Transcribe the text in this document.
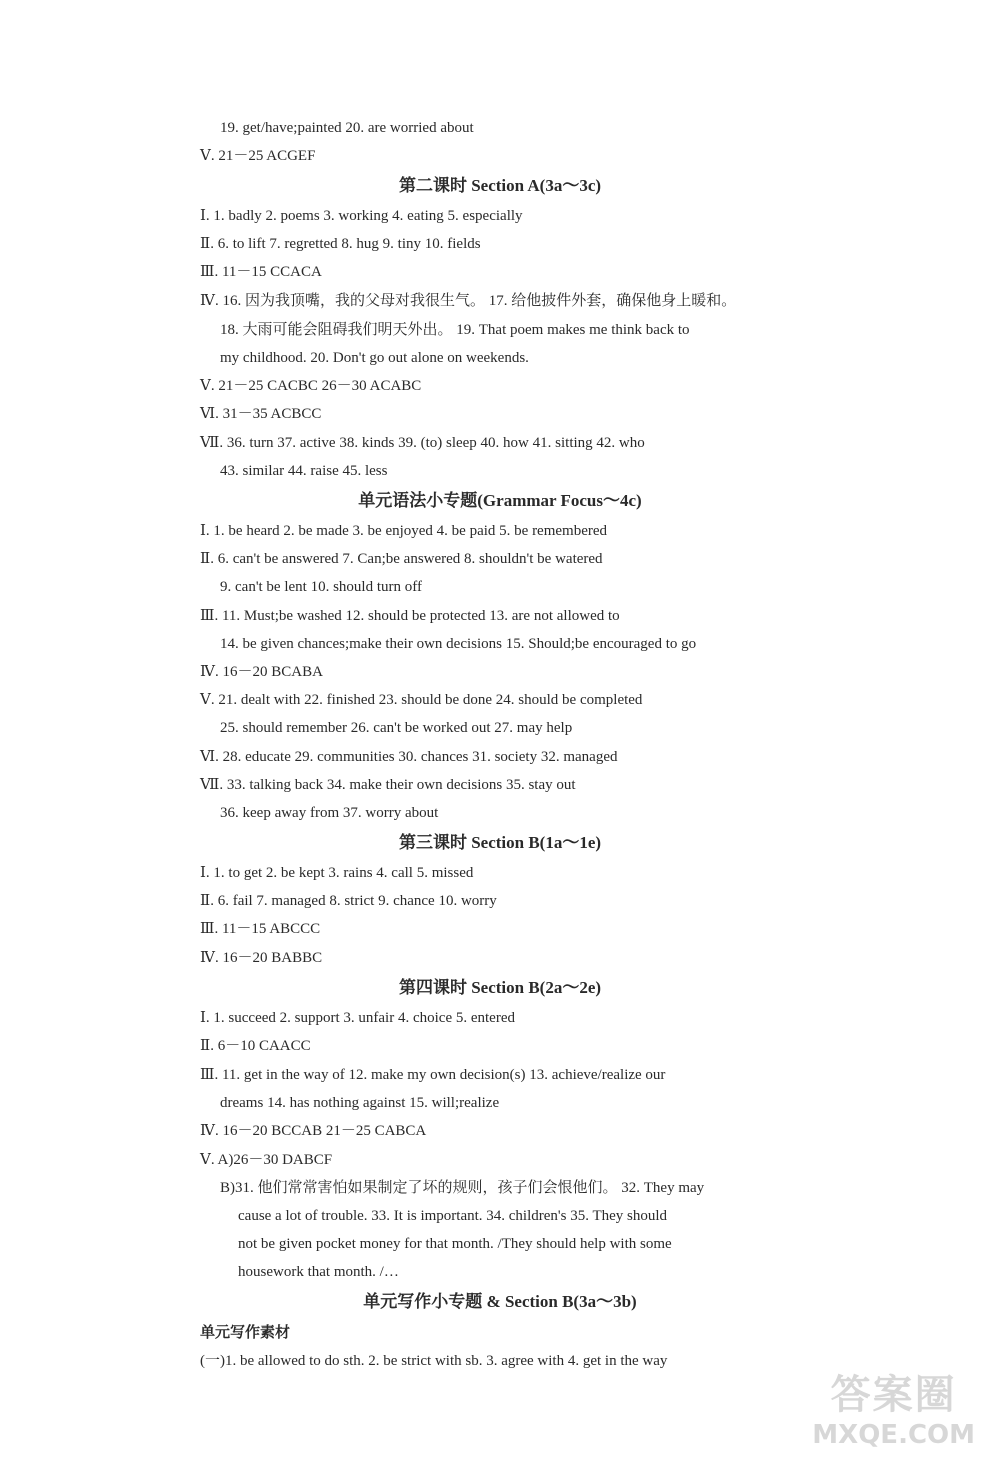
19. get/have;painted 20. are worried about
Ⅴ. 21－25 ACGEF
第二课时 Section A(3a～3c)
Ⅰ. 1. badly 2. poems 3. working 4. eating 5. especially
Ⅱ. 6. to lift 7. regretted 8. hug 9. tiny 10. fields
Ⅲ. 11－15 CCACA
Ⅳ. 16. 因为我顶嘴，我的父母对我很生气。 17. 给他披件外套，确保他身上暖和。
18. 大雨可能会阻碍我们明天外出。 19. That poem makes me think back to
my childhood. 20. Don't go out alone on weekends.
Ⅴ. 21－25 CACBC 26－30 ACABC
Ⅵ. 31－35 ACBCC
Ⅶ. 36. turn 37. active 38. kinds 39. (to) sleep 40. how 41. sitting 42. who
43. similar 44. raise 45. less
单元语法小专题(Grammar Focus～4c)
Ⅰ. 1. be heard 2. be made 3. be enjoyed 4. be paid 5. be remembered
Ⅱ. 6. can't be answered 7. Can;be answered 8. shouldn't be watered
9. can't be lent 10. should turn off
Ⅲ. 11. Must;be washed 12. should be protected 13. are not allowed to
14. be given chances;make their own decisions 15. Should;be encouraged to go
Ⅳ. 16－20 BCABA
Ⅴ. 21. dealt with 22. finished 23. should be done 24. should be completed
25. should remember 26. can't be worked out 27. may help
Ⅵ. 28. educate 29. communities 30. chances 31. society 32. managed
Ⅶ. 33. talking back 34. make their own decisions 35. stay out
36. keep away from 37. worry about
第三课时 Section B(1a～1e)
Ⅰ. 1. to get 2. be kept 3. rains 4. call 5. missed
Ⅱ. 6. fail 7. managed 8. strict 9. chance 10. worry
Ⅲ. 11－15 ABCCC
Ⅳ. 16－20 BABBC
第四课时 Section B(2a～2e)
Ⅰ. 1. succeed 2. support 3. unfair 4. choice 5. entered
Ⅱ. 6－10 CAACC
Ⅲ. 11. get in the way of 12. make my own decision(s) 13. achieve/realize our
dreams 14. has nothing against 15. will;realize
Ⅳ. 16－20 BCCAB 21－25 CABCA
Ⅴ. A)26－30 DABCF
B)31. 他们常常害怕如果制定了坏的规则，孩子们会恨他们。 32. They may
cause a lot of trouble. 33. It is important. 34. children's 35. They should
not be given pocket money for that month. /They should help with some
housework that month. /…
单元写作小专题 & Section B(3a～3b)
单元写作素材
(一)1. be allowed to do sth. 2. be strict with sb. 3. agree with 4. get in the way
答案圈
MXQE.COM
